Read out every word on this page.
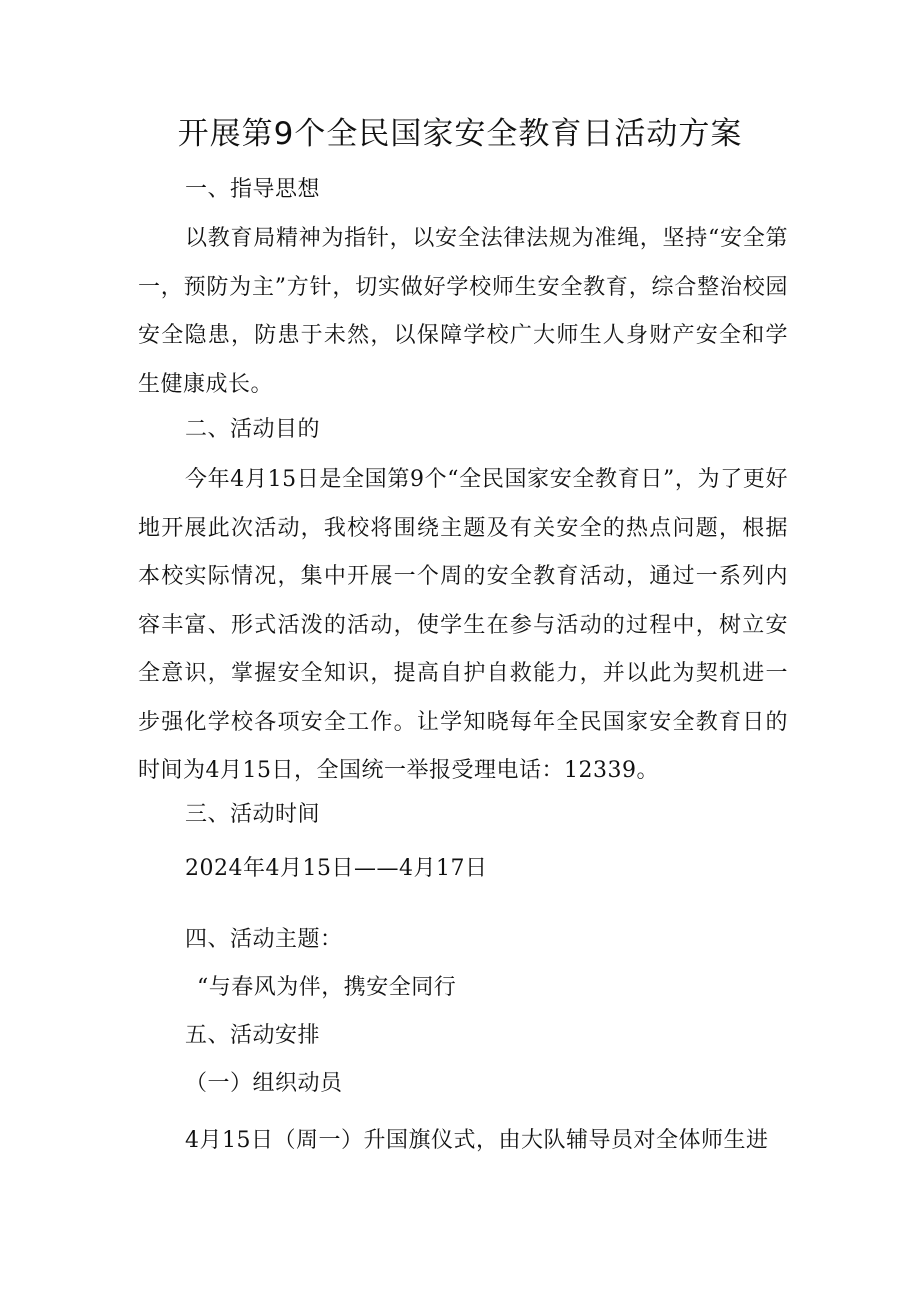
开展第9个全民国家安全教育日活动方案
一、指导思想
以教育局精神为指针，以安全法律法规为准绳，坚持“安全第一，预防为主”方针，切实做好学校师生安全教育，综合整治校园安全隐患，防患于未然，以保障学校广大师生人身财产安全和学生健康成长。
二、活动目的
今年4月15日是全国第9个“全民国家安全教育日”，为了更好地开展此次活动，我校将围绕主题及有关安全的热点问题，根据本校实际情况，集中开展一个周的安全教育活动，通过一系列内容丰富、形式活泼的活动，使学生在参与活动的过程中，树立安全意识，掌握安全知识，提高自护自救能力，并以此为契机进一步强化学校各项安全工作。让学知晓每年全民国家安全教育日的时间为4月15日，全国统一举报受理电话：12339。
三、活动时间
2024年4月15日——4月17日
四、活动主题：
“与春风为伴，携安全同行
五、活动安排
（一）组织动员
4月15日（周一）升国旗仪式，由大队辅导员对全体师生进
